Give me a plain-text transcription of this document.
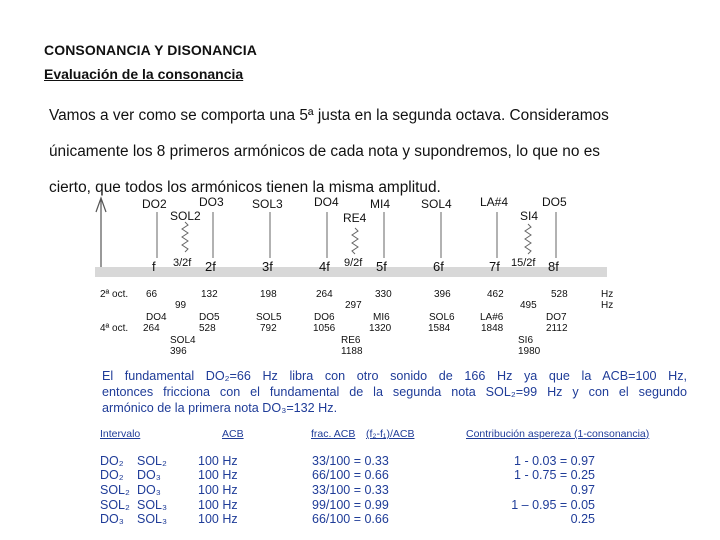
CONSONANCIA Y DISONANCIA
Evaluación de la consonancia
Vamos a ver como se comporta una 5ª justa en la segunda octava. Consideramos
únicamente los 8 primeros armónicos de cada nota y supondremos, lo que no es
cierto, que todos los armónicos tienen la misma amplitud.
DO2	DO3 SOL3	DO4	MI4	SOL4 LA#4	DO5
SOL2	RE4	SI4
f	2f	3f	4f	5f	6f	7f	8f
3/2f	9/2f	15/2f
2ª oct. 66	132	198	264	330	396	462	528	Hz
99	297	495	Hz
DO4	DO5	SOL5	DO6	MI6	SOL6	LA#6	DO7
4ª oct. 264	528	792	1056	1320	1584	1848	2112
SOL4	RE6	SI6
396	1188	1980
El fundamental DO₂=66 Hz libra con otro sonido de 166 Hz ya que la ACB=100 Hz,
entonces fricciona con el fundamental de la segunda nota SOL₂=99 Hz y con el segundo
armónico de la primera nota DO₃=132 Hz.
Intervalo	ACB	frac. ACB (f₂-f₁)/ACB	Contribución aspereza (1-consonancia)
DO₂ SOL₂ 100 Hz	33/100 = 0.33	1 - 0.03 = 0.97
DO₂ DO₃	100 Hz	66/100 = 0.66	1 - 0.75 = 0.25
SOL₂ DO₃	100 Hz	33/100 = 0.33	0.97
SOL₂ SOL₃ 100 Hz	99/100 = 0.99	1 – 0.95 = 0.05
DO₃ SOL₃ 100 Hz	66/100 = 0.66	0.25
